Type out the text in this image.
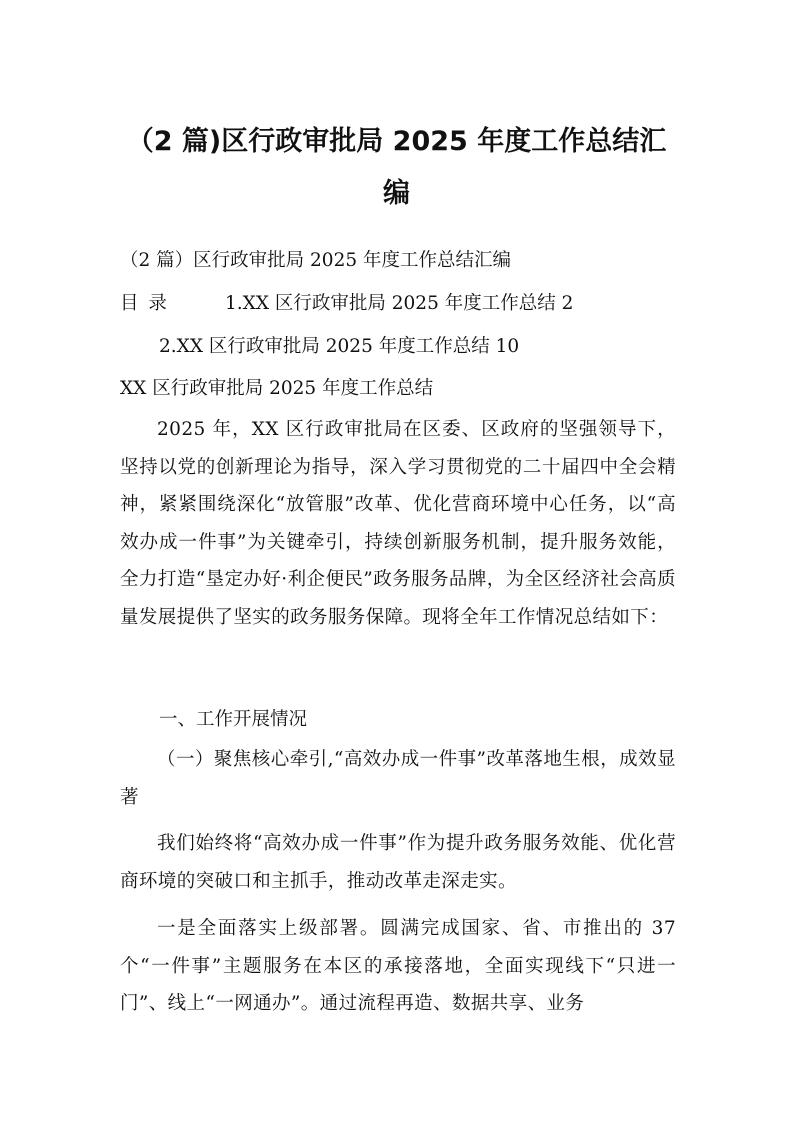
（2 篇)区行政审批局 2025 年度工作总结汇
编

（2 篇）区行政审批局 2025 年度工作总结汇编

目 录	1.XX 区行政审批局 2025 年度工作总结 2

2.XX 区行政审批局 2025 年度工作总结 10

XX 区行政审批局 2025 年度工作总结

2025 年，XX 区行政审批局在区委、区政府的坚强领导下，坚持以党的创新理论为指导，深入学习贯彻党的二十届四中全会精神，紧紧围绕深化“放管服”改革、优化营商环境中心任务，以“高效办成一件事”为关键牵引，持续创新服务机制，提升服务效能，全力打造“垦定办好·利企便民”政务服务品牌，为全区经济社会高质量发展提供了坚实的政务服务保障。现将全年工作情况总结如下：

一、工作开展情况

（一）聚焦核心牵引,“高效办成一件事”改革落地生根，成效显著

我们始终将“高效办成一件事”作为提升政务服务效能、优化营商环境的突破口和主抓手，推动改革走深走实。

一是全面落实上级部署。圆满完成国家、省、市推出的 37 个“一件事”主题服务在本区的承接落地，全面实现线下“只进一门”、线上“一网通办”。通过流程再造、数据共享、业务
